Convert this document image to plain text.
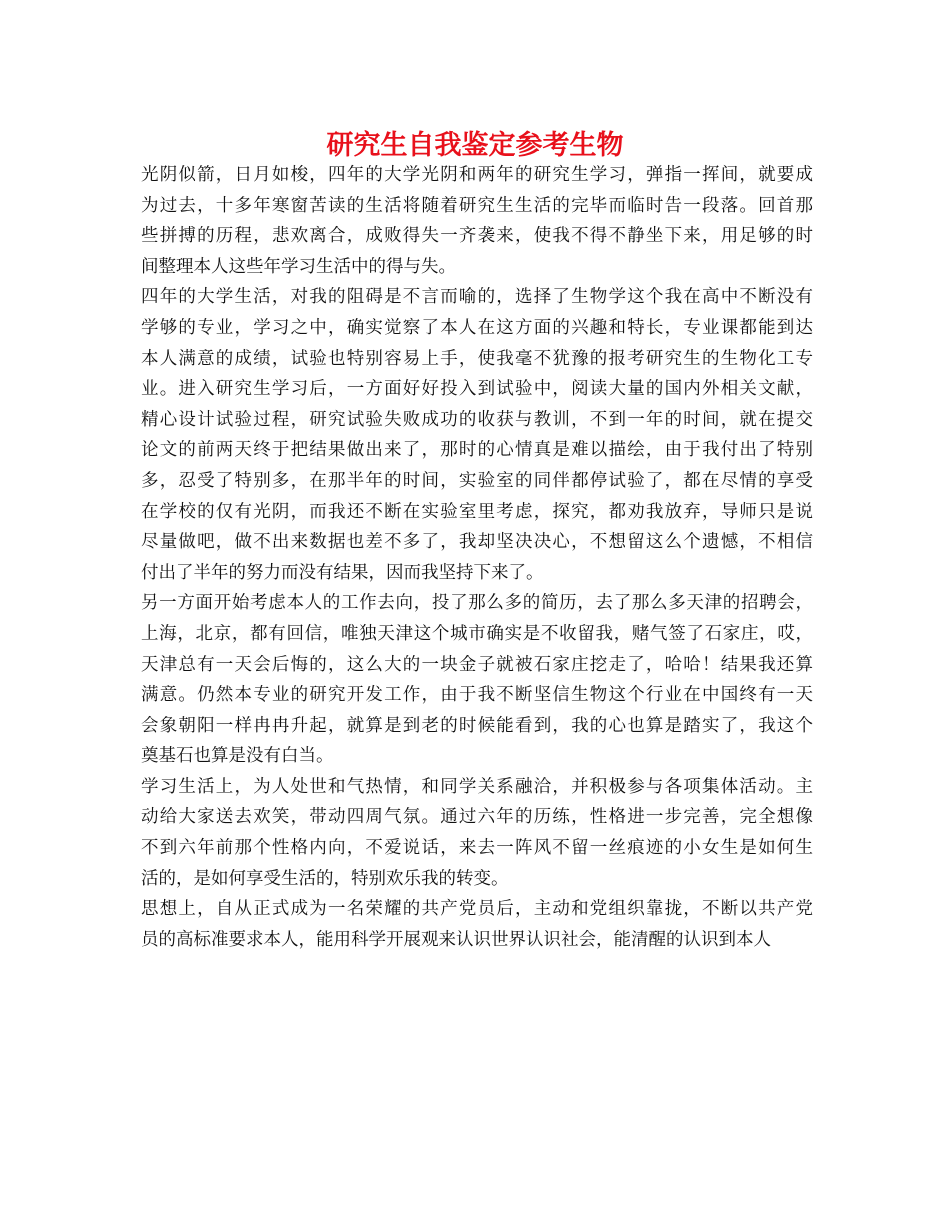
研究生自我鉴定参考生物
光阴似箭，日月如梭，四年的大学光阴和两年的研究生学习，弹指一挥间，就要成
为过去，十多年寒窗苦读的生活将随着研究生生活的完毕而临时告一段落。回首那
些拼搏的历程，悲欢离合，成败得失一齐袭来，使我不得不静坐下来，用足够的时
间整理本人这些年学习生活中的得与失。
四年的大学生活，对我的阻碍是不言而喻的，选择了生物学这个我在高中不断没有
学够的专业，学习之中，确实觉察了本人在这方面的兴趣和特长，专业课都能到达
本人满意的成绩，试验也特别容易上手，使我毫不犹豫的报考研究生的生物化工专
业。进入研究生学习后，一方面好好投入到试验中，阅读大量的国内外相关文献，
精心设计试验过程，研究试验失败成功的收获与教训，不到一年的时间，就在提交
论文的前两天终于把结果做出来了，那时的心情真是难以描绘，由于我付出了特别
多，忍受了特别多，在那半年的时间，实验室的同伴都停试验了，都在尽情的享受
在学校的仅有光阴，而我还不断在实验室里考虑，探究，都劝我放弃，导师只是说
尽量做吧，做不出来数据也差不多了，我却坚决决心，不想留这么个遗憾，不相信
付出了半年的努力而没有结果，因而我坚持下来了。
另一方面开始考虑本人的工作去向，投了那么多的简历，去了那么多天津的招聘会，
上海，北京，都有回信，唯独天津这个城市确实是不收留我，赌气签了石家庄，哎，
天津总有一天会后悔的，这么大的一块金子就被石家庄挖走了，哈哈！结果我还算
满意。仍然本专业的研究开发工作，由于我不断坚信生物这个行业在中国终有一天
会象朝阳一样冉冉升起，就算是到老的时候能看到，我的心也算是踏实了，我这个
奠基石也算是没有白当。
学习生活上，为人处世和气热情，和同学关系融洽，并积极参与各项集体活动。主
动给大家送去欢笑，带动四周气氛。通过六年的历练，性格进一步完善，完全想像
不到六年前那个性格内向，不爱说话，来去一阵风不留一丝痕迹的小女生是如何生
活的，是如何享受生活的，特别欢乐我的转变。
思想上，自从正式成为一名荣耀的共产党员后，主动和党组织靠拢，不断以共产党
员的高标准要求本人，能用科学开展观来认识世界认识社会，能清醒的认识到本人
